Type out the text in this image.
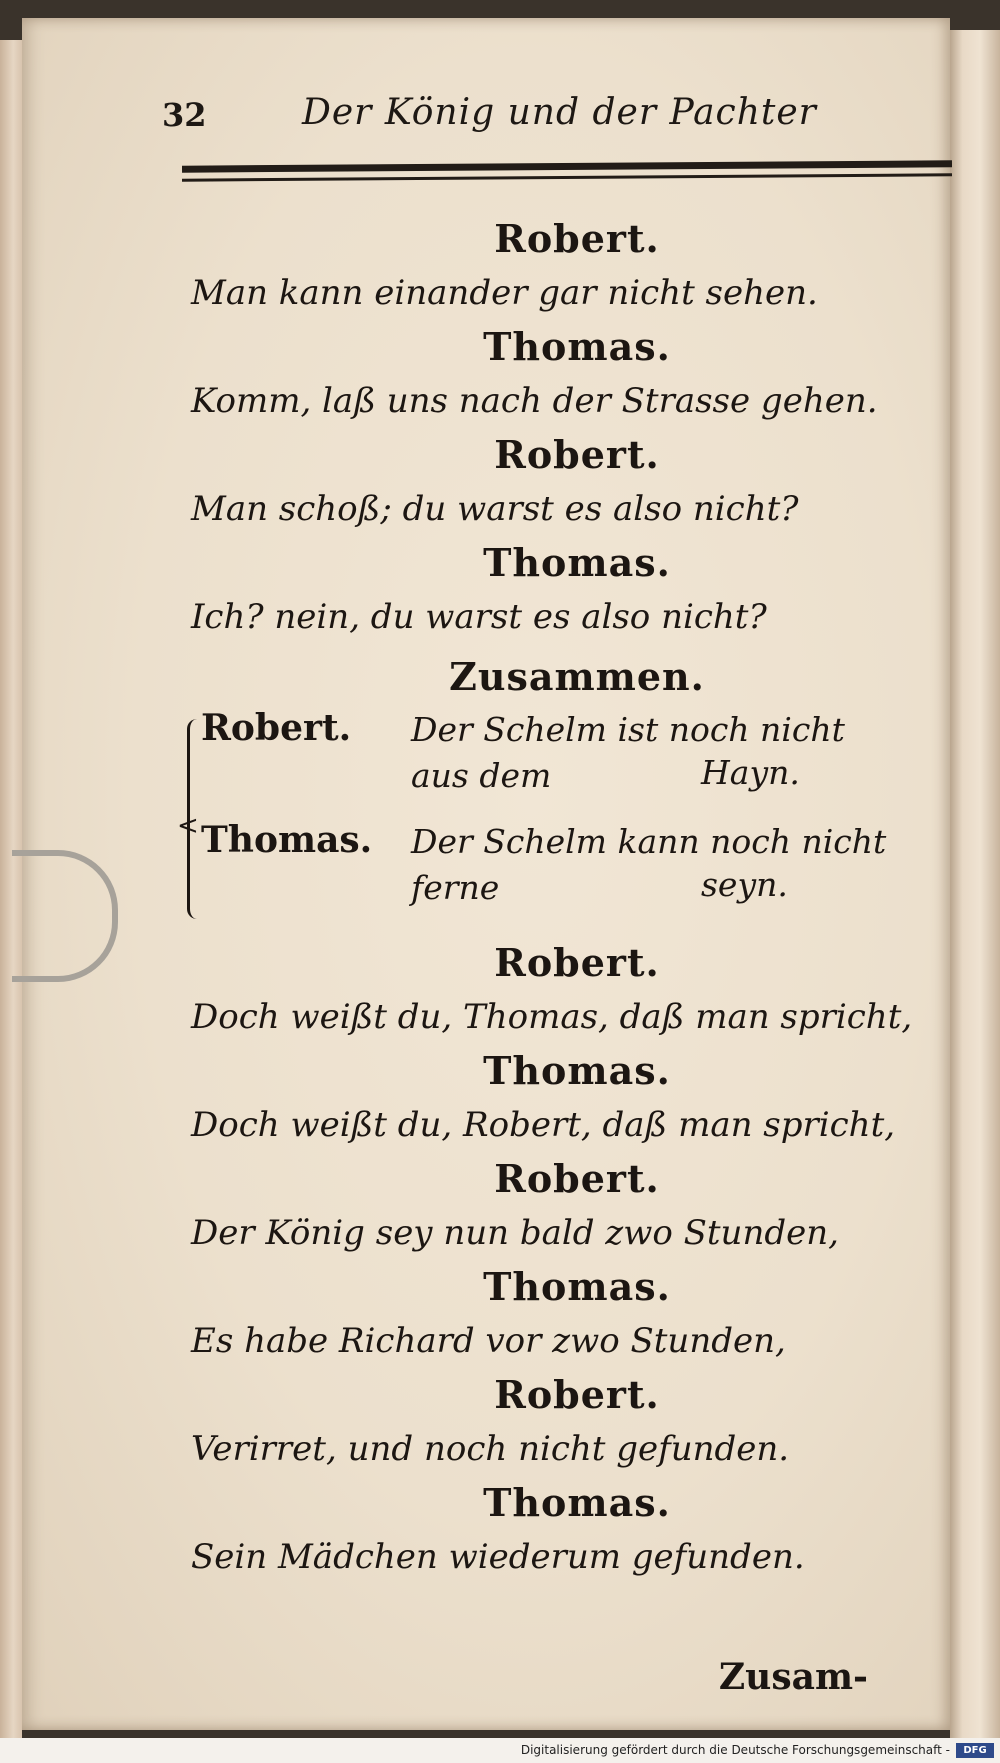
32	Der König und der Pachter
Robert.
Man kann einander gar nicht sehen.
Thomas.
Komm, laß uns nach der Strasse gehen.
Robert.
Man schoß; du warst es also nicht?
Thomas.
Ich? nein, du warst es also nicht?
Zusammen.
<
Robert. Der Schelm ist noch nicht aus dem	Hayn.
Thomas. Der Schelm kann noch nicht ferne	seyn.
Robert.
Doch weißt du, Thomas, daß man spricht,
Thomas.
Doch weißt du, Robert, daß man spricht,
Robert.
Der König sey nun bald zwo Stunden,
Thomas.
Es habe Richard vor zwo Stunden,
Robert.
Verirret, und noch nicht gefunden.
Thomas.
Sein Mädchen wiederum gefunden.
Zusam-
Digitalisierung gefördert durch die Deutsche Forschungsgemeinschaft -	DFG
